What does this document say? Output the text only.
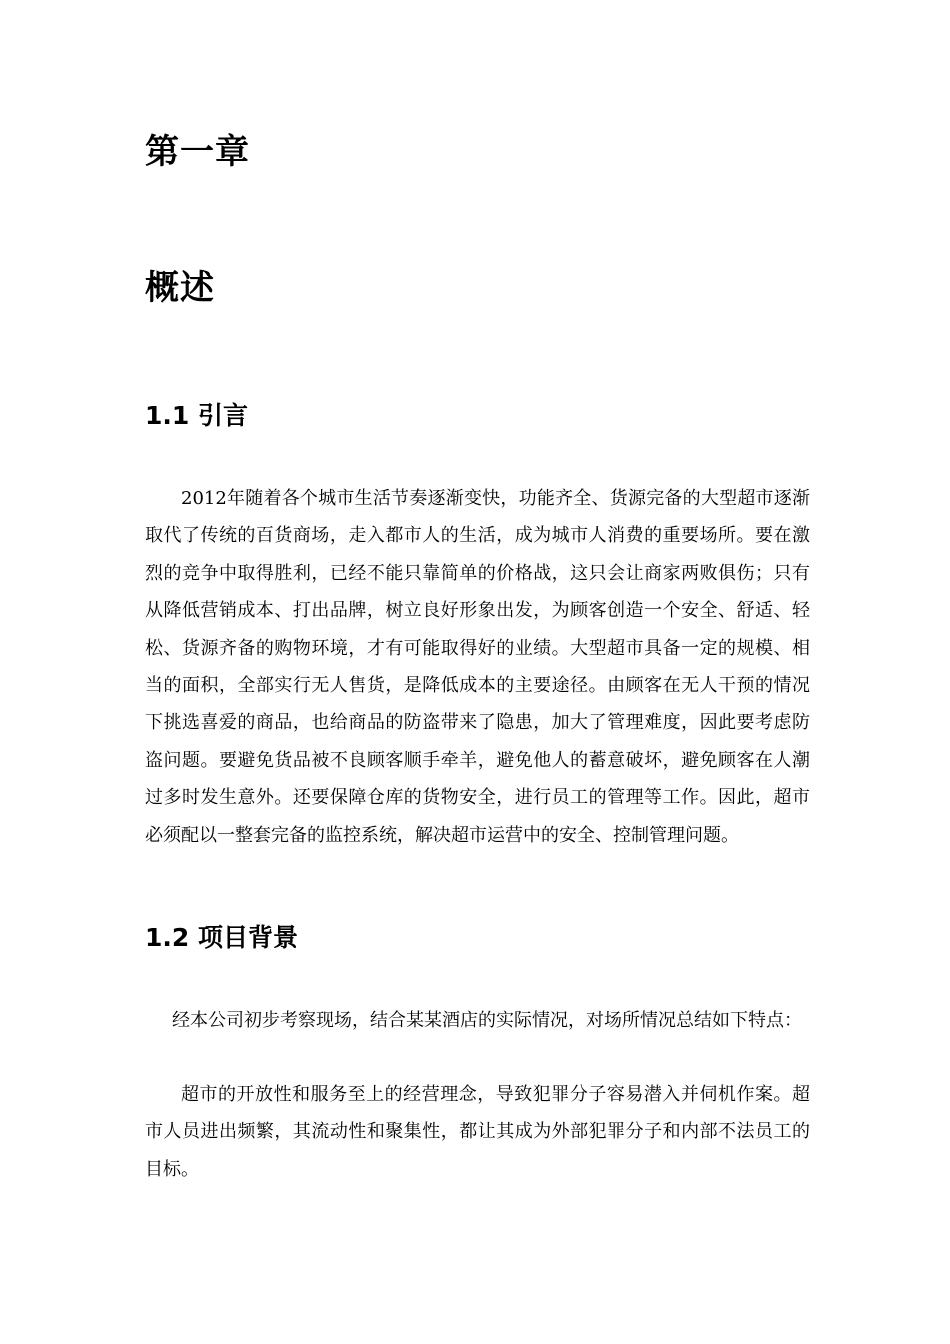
第一章
概述
1.1 引言

2012年随着各个城市生活节奏逐渐变快，功能齐全、货源完备的大型超市逐渐取代了传统的百货商场，走入都市人的生活，成为城市人消费的重要场所。要在激烈的竞争中取得胜利，已经不能只靠简单的价格战，这只会让商家两败俱伤；只有从降低营销成本、打出品牌，树立良好形象出发，为顾客创造一个安全、舒适、轻松、货源齐备的购物环境，才有可能取得好的业绩。大型超市具备一定的规模、相当的面积，全部实行无人售货，是降低成本的主要途径。由顾客在无人干预的情况下挑选喜爱的商品，也给商品的防盗带来了隐患，加大了管理难度，因此要考虑防盗问题。要避免货品被不良顾客顺手牵羊，避免他人的蓄意破坏，避免顾客在人潮过多时发生意外。还要保障仓库的货物安全，进行员工的管理等工作。因此，超市必须配以一整套完备的监控系统，解决超市运营中的安全、控制管理问题。

1.2 项目背景

经本公司初步考察现场，结合某某酒店的实际情况，对场所情况总结如下特点：

超市的开放性和服务至上的经营理念，导致犯罪分子容易潜入并伺机作案。超市人员进出频繁，其流动性和聚集性，都让其成为外部犯罪分子和内部不法员工的目标。
